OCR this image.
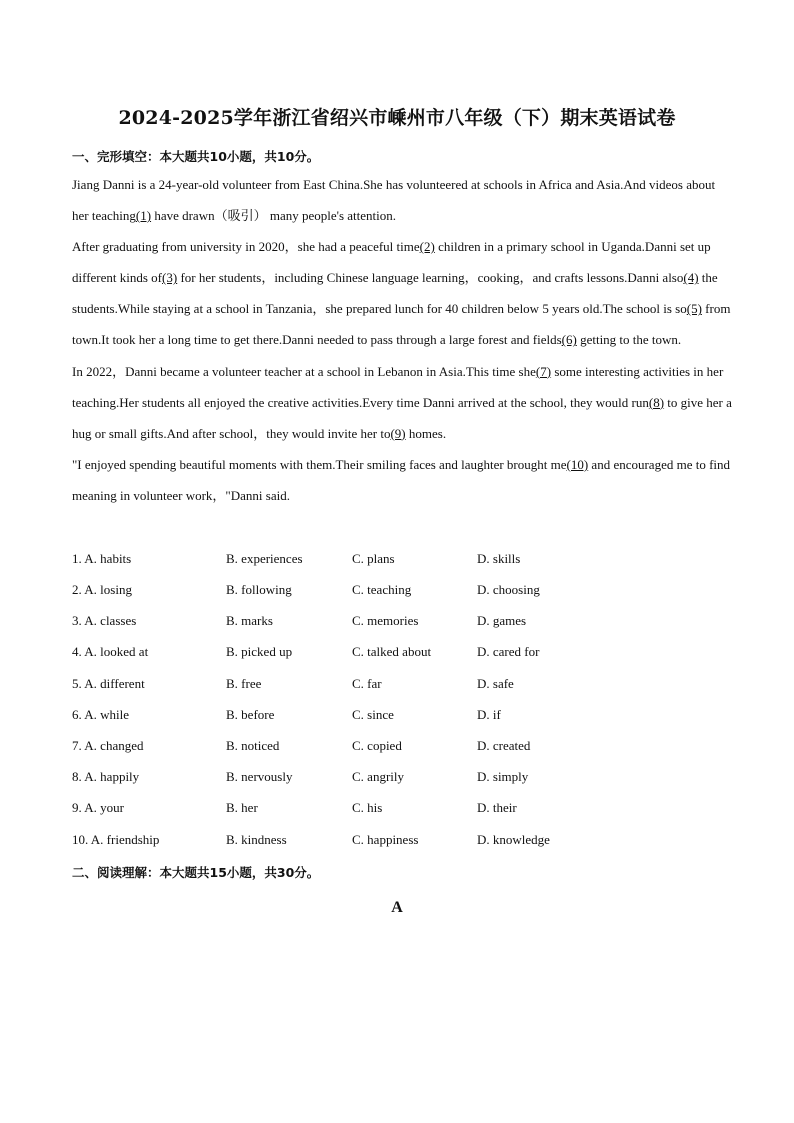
2024-2025学年浙江省绍兴市嵊州市八年级（下）期末英语试卷
一、完形填空：本大题共10小题，共10分。

Jiang Danni is a 24-year-old volunteer from East China.She has volunteered at schools in Africa and Asia.And videos about her teaching(1) have drawn（吸引） many people's attention.

After graduating from university in 2020，she had a peaceful time(2) children in a primary school in Uganda.Danni set up different kinds of(3) for her students，including Chinese language learning，cooking，and crafts lessons.Danni also(4) the students.While staying at a school in Tanzania，she prepared lunch for 40 children below 5 years old.The school is so(5) from town.It took her a long time to get there.Danni needed to pass through a large forest and fields(6) getting to the town.

In 2022，Danni became a volunteer teacher at a school in Lebanon in Asia.This time she(7) some interesting activities in her teaching.Her students all enjoyed the creative activities.Every time Danni arrived at the school, they would run(8) to give her a hug or small gifts.And after school，they would invite her to(9) homes.

"I enjoyed spending beautiful moments with them.Their smiling faces and laughter brought me(10) and encouraged me to find meaning in volunteer work，"Danni said.

1. A. habits	B. experiences	C. plans	D. skills
2. A. losing	B. following	C. teaching	D. choosing
3. A. classes	B. marks	C. memories	D. games
4. A. looked at	B. picked up	C. talked about	D. cared for
5. A. different	B. free	C. far	D. safe
6. A. while	B. before	C. since	D. if
7. A. changed	B. noticed	C. copied	D. created
8. A. happily	B. nervously	C. angrily	D. simply
9. A. your	B. her	C. his	D. their
10. A. friendship	B. kindness	C. happiness	D. knowledge
二、阅读理解：本大题共15小题，共30分。
A
